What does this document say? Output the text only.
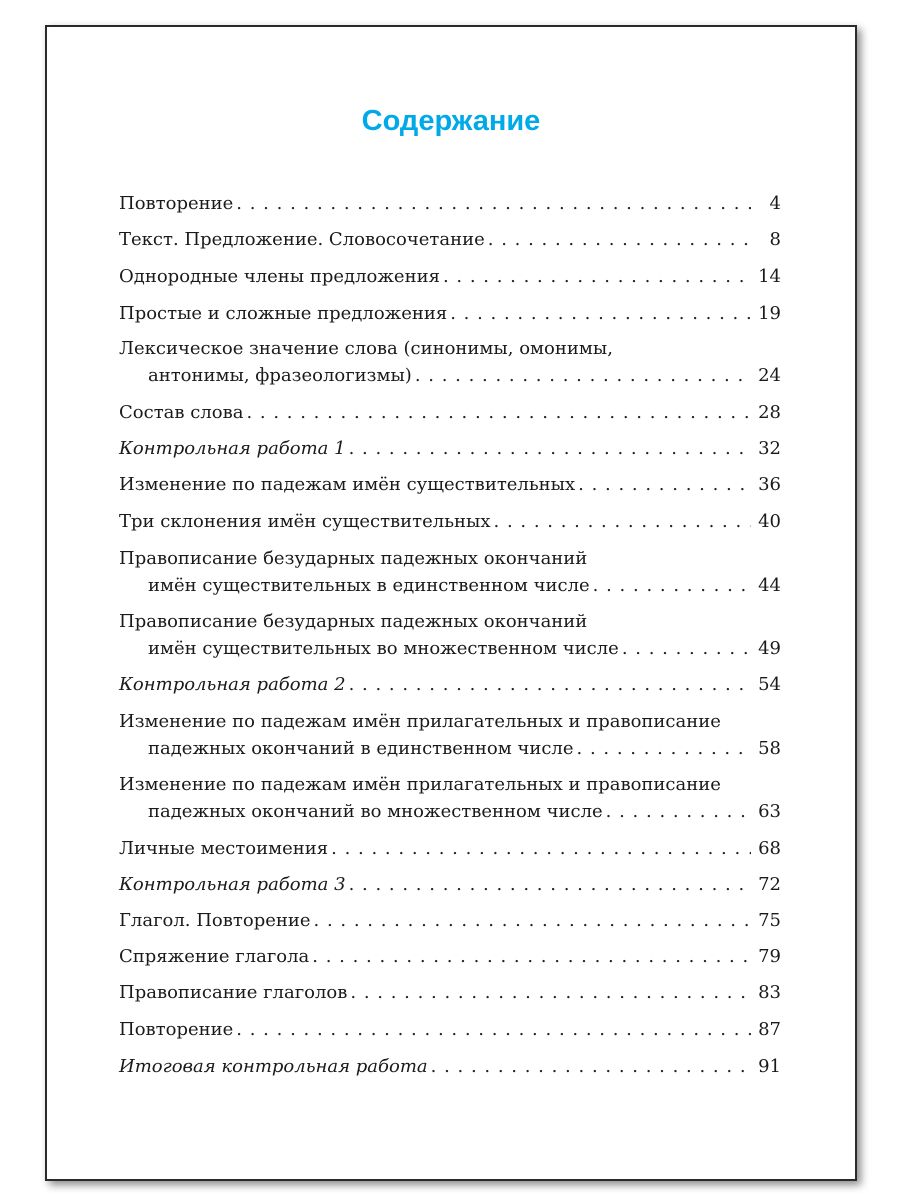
Содержание
Повторение . . .	4
Текст. Предложение. Словосочетание . . .	8
Однородные члены предложения . . .	14
Простые и сложные предложения . . .	19
Лексическое значение слова (синонимы, омонимы,
антонимы, фразеологизмы) . . .	24
Состав слова . . .	28
Контрольная работа 1 . . .	32
Изменение по падежам имён существительных . . .	36
Три склонения имён существительных . . .	40
Правописание безударных падежных окончаний
имён существительных в единственном числе . . .	44
Правописание безударных падежных окончаний
имён существительных во множественном числе . . .	49
Контрольная работа 2 . . .	54
Изменение по падежам имён прилагательных и правописание
падежных окончаний в единственном числе . . .	58
Изменение по падежам имён прилагательных и правописание
падежных окончаний во множественном числе . . .	63
Личные местоимения . . .	68
Контрольная работа 3 . . .	72
Глагол. Повторение . . .	75
Спряжение глагола . . .	79
Правописание глаголов . . .	83
Повторение . . .	87
Итоговая контрольная работа . . .	91
